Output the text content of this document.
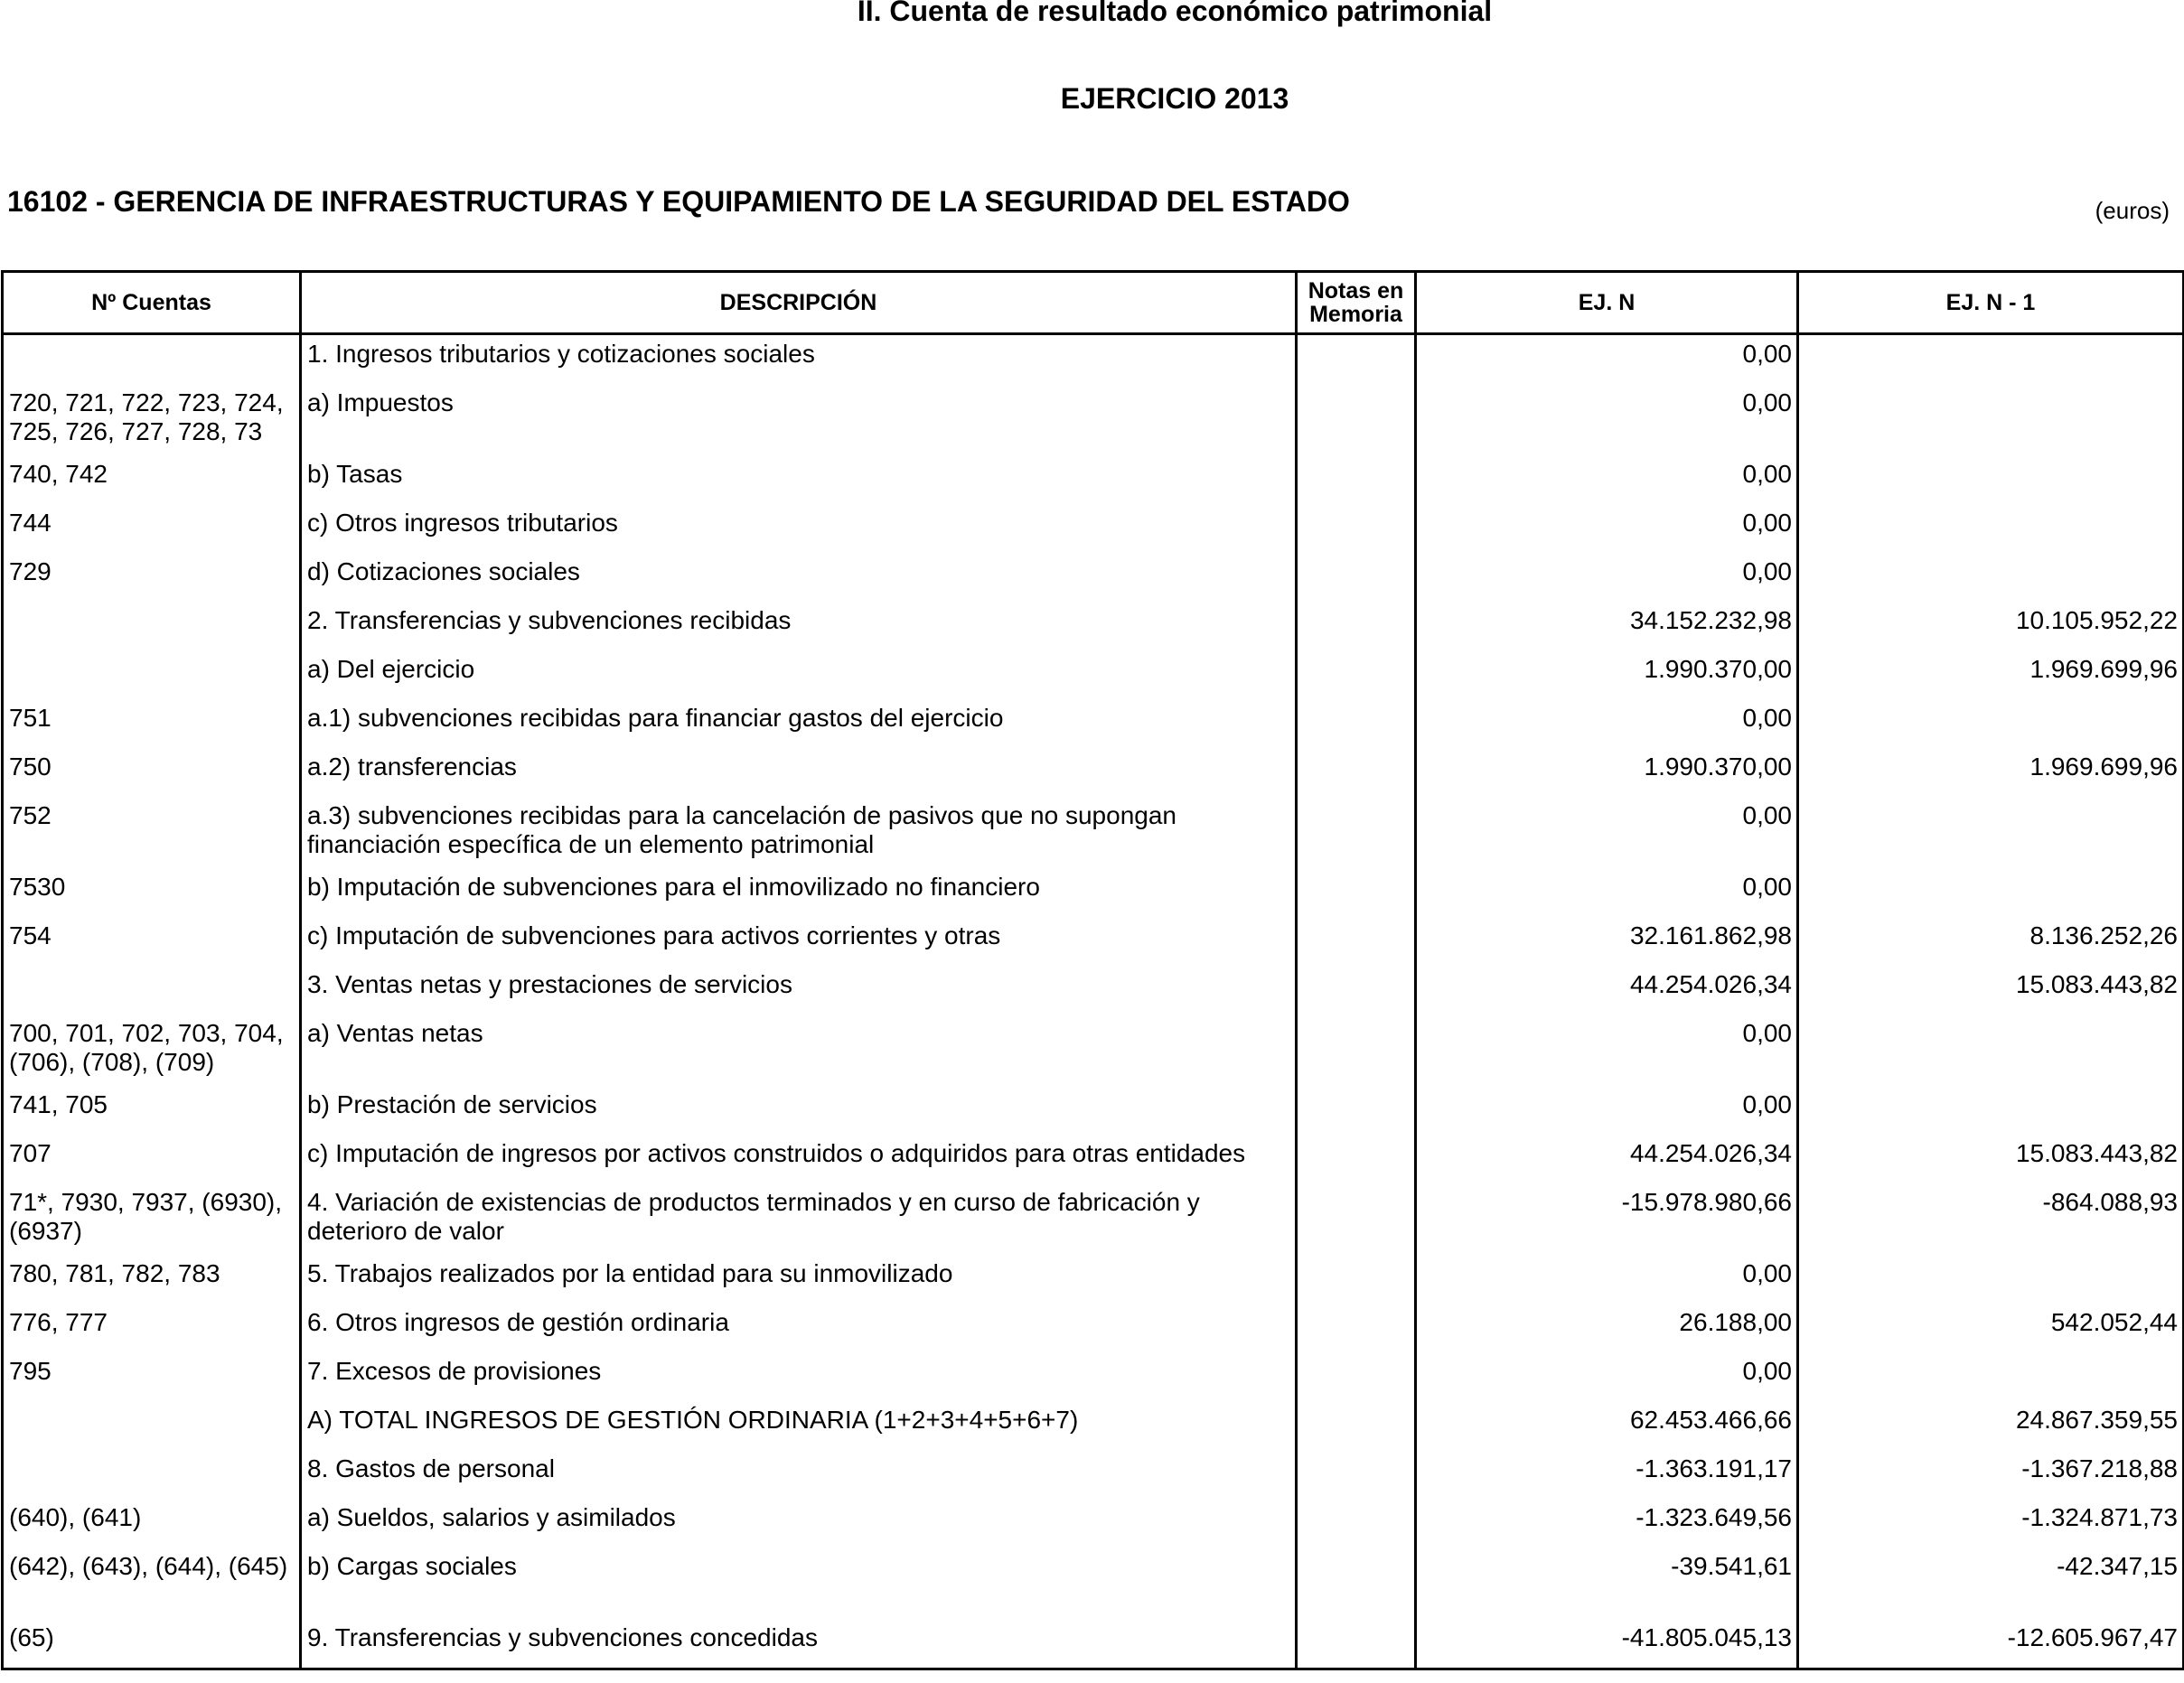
II. Cuenta de resultado económico patrimonial
EJERCICIO 2013
16102 - GERENCIA DE INFRAESTRUCTURAS Y EQUIPAMIENTO DE LA SEGURIDAD DEL ESTADO	(euros)
Nº Cuentas	DESCRIPCIÓN	Notas en Memoria	EJ. N	EJ. N - 1
	1. Ingresos tributarios y cotizaciones sociales		0,00	
720, 721, 722, 723, 724, 725, 726, 727, 728, 73	a) Impuestos		0,00	
740, 742	b) Tasas		0,00	
744	c) Otros ingresos tributarios		0,00	
729	d) Cotizaciones sociales		0,00	
	2. Transferencias y subvenciones recibidas		34.152.232,98	10.105.952,22
	a) Del ejercicio		1.990.370,00	1.969.699,96
751	a.1) subvenciones recibidas para financiar gastos del ejercicio		0,00	
750	a.2) transferencias		1.990.370,00	1.969.699,96
752	a.3) subvenciones recibidas para la cancelación de pasivos que no supongan financiación específica de un elemento patrimonial		0,00	
7530	b) Imputación de subvenciones para el inmovilizado no financiero		0,00	
754	c) Imputación de subvenciones para activos corrientes y otras		32.161.862,98	8.136.252,26
	3. Ventas netas y prestaciones de servicios		44.254.026,34	15.083.443,82
700, 701, 702, 703, 704, (706), (708), (709)	a) Ventas netas		0,00	
741, 705	b) Prestación de servicios		0,00	
707	c) Imputación de ingresos por activos construidos o adquiridos para otras entidades		44.254.026,34	15.083.443,82
71*, 7930, 7937, (6930), (6937)	4. Variación de existencias de productos terminados y en curso de fabricación y deterioro de valor		-15.978.980,66	-864.088,93
780, 781, 782, 783	5. Trabajos realizados por la entidad para su inmovilizado		0,00	
776, 777	6. Otros ingresos de gestión ordinaria		26.188,00	542.052,44
795	7. Excesos de provisiones		0,00	
	A) TOTAL INGRESOS DE GESTIÓN ORDINARIA (1+2+3+4+5+6+7)		62.453.466,66	24.867.359,55
	8. Gastos de personal		-1.363.191,17	-1.367.218,88
(640), (641)	a) Sueldos, salarios y asimilados		-1.323.649,56	-1.324.871,73
(642), (643), (644), (645)	b) Cargas sociales		-39.541,61	-42.347,15
(65)	9. Transferencias y subvenciones concedidas		-41.805.045,13	-12.605.967,47
